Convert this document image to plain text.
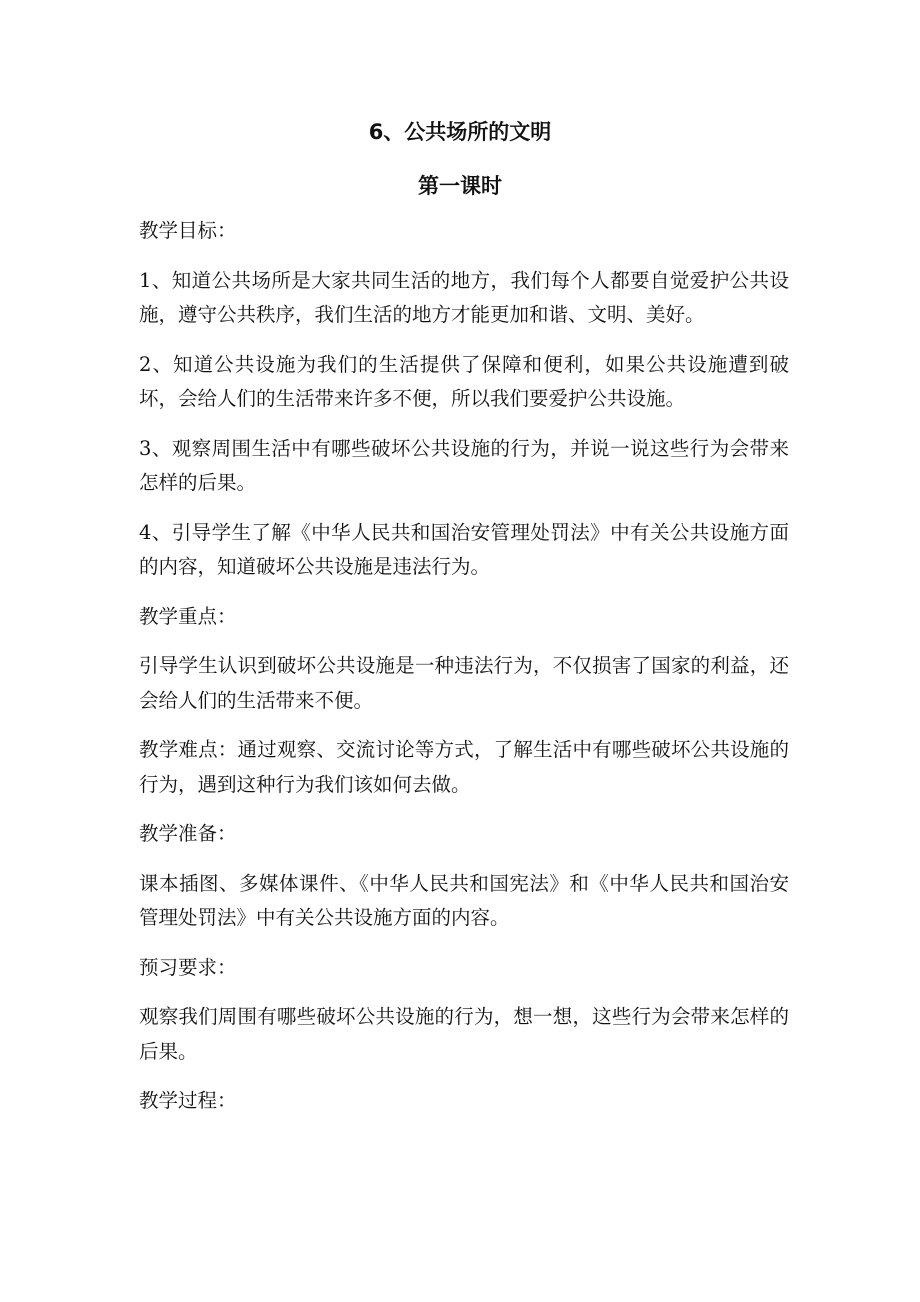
6、公共场所的文明
第一课时

教学目标：

1、知道公共场所是大家共同生活的地方，我们每个人都要自觉爱护公共设施，遵守公共秩序，我们生活的地方才能更加和谐、文明、美好。

2、知道公共设施为我们的生活提供了保障和便利，如果公共设施遭到破坏，会给人们的生活带来许多不便，所以我们要爱护公共设施。

3、观察周围生活中有哪些破坏公共设施的行为，并说一说这些行为会带来怎样的后果。

4、引导学生了解《中华人民共和国治安管理处罚法》中有关公共设施方面的内容，知道破坏公共设施是违法行为。

教学重点：

引导学生认识到破坏公共设施是一种违法行为，不仅损害了国家的利益，还会给人们的生活带来不便。

教学难点：通过观察、交流讨论等方式，了解生活中有哪些破坏公共设施的行为，遇到这种行为我们该如何去做。

教学准备：

课本插图、多媒体课件、《中华人民共和国宪法》和《中华人民共和国治安管理处罚法》中有关公共设施方面的内容。

预习要求：

观察我们周围有哪些破坏公共设施的行为，想一想，这些行为会带来怎样的后果。

教学过程：
